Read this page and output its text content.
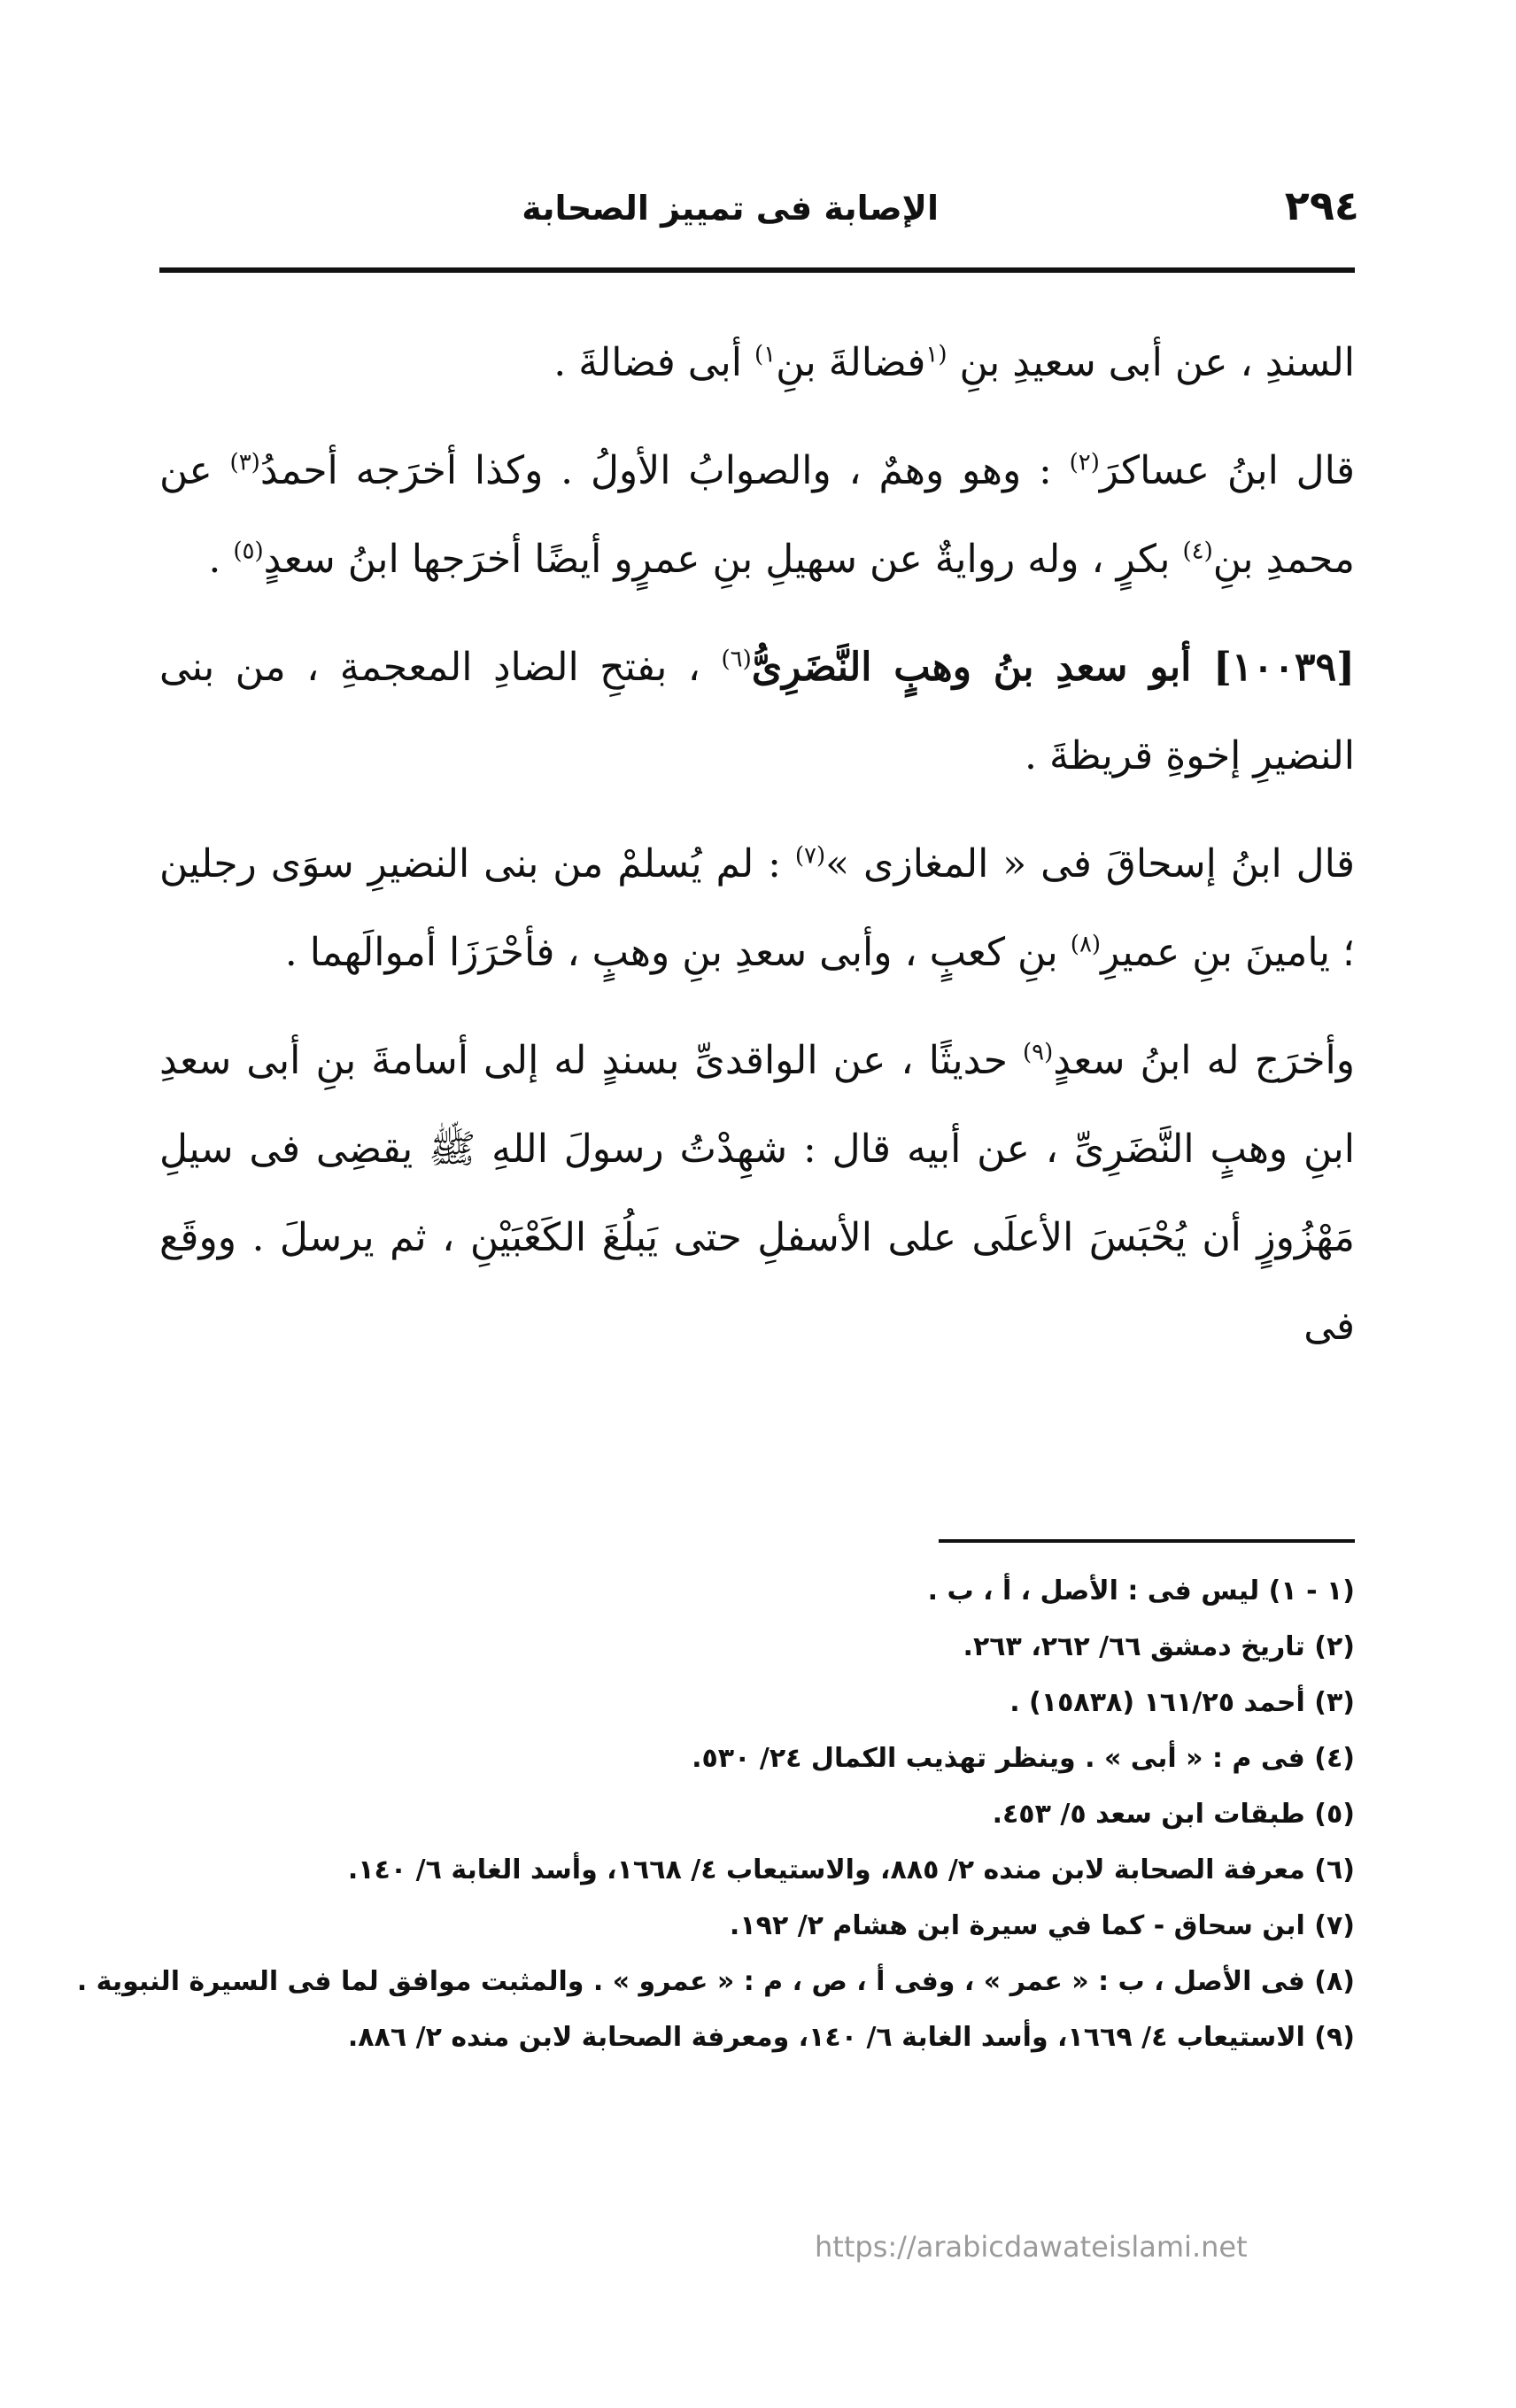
٢٩٤
الإصابة فى تمييز الصحابة

السندِ ، عن أبى سعيدِ بنِ $^{(١}$فضالةَ بنِ$^{١)}$ أبى فضالةَ .

قال ابنُ عساكرَ$^{(٢)}$ : وهو وهمٌ ، والصوابُ الأولُ . وكذا أخرَجه أحمدُ$^{(٣)}$ عن محمدِ بنِ$^{(٤)}$ بكرٍ ، وله روايةٌ عن سهيلِ بنِ عمرٍو أيضًا أخرَجها ابنُ سعدٍ$^{(٥)}$ .

[١٠٠٣٩] أبو سعدِ بنُ وهبٍ النَّضَرِىُّ$^{(٦)}$ ، بفتحِ الضادِ المعجمةِ ، من بنى النضيرِ إخوةِ قريظةَ .

قال ابنُ إسحاقَ فى « المغازى »$^{(٧)}$ : لم يُسلمْ من بنى النضيرِ سوَى رجلين ؛ يامينَ بنِ عميرِ$^{(٨)}$ بنِ كعبٍ ، وأبى سعدِ بنِ وهبٍ ، فأحْرَزَا أموالَهما .

وأخرَج له ابنُ سعدٍ$^{(٩)}$ حديثًا ، عن الواقدىِّ بسندٍ له إلى أسامةَ بنِ أبى سعدِ ابنِ وهبٍ النَّضَرِىِّ ، عن أبيه قال : شهِدْتُ رسولَ اللهِ ﷺ يقضِى فى سيلِ مَهْزُوزٍ أن يُحْبَسَ الأعلَى على الأسفلِ حتى يَبلُغَ الكَعْبَيْنِ ، ثم يرسلَ . ووقَع فى

(١ - ١) ليس فى : الأصل ، أ ، ب .

(٢) تاريخ دمشق ٦٦/ ٢٦٢، ٢٦٣.

(٣) أحمد ١٦١/٢٥ (١٥٨٣٨) .

(٤) فى م : « أبى » . وينظر تهذيب الكمال ٢٤/ ٥٣٠.

(٥) طبقات ابن سعد ٥/ ٤٥٣.

(٦) معرفة الصحابة لابن منده ٢/ ٨٨٥، والاستيعاب ٤/ ١٦٦٨، وأسد الغابة ٦/ ١٤٠.

(٧) ابن سحاق - كما في سيرة ابن هشام ٢/ ١٩٢.

(٨) فى الأصل ، ب : « عمر » ، وفى أ ، ص ، م : « عمرو » . والمثبت موافق لما فى السيرة النبوية .

(٩) الاستيعاب ٤/ ١٦٦٩، وأسد الغابة ٦/ ١٤٠، ومعرفة الصحابة لابن منده ٢/ ٨٨٦.

https://arabicdawateislami.net
